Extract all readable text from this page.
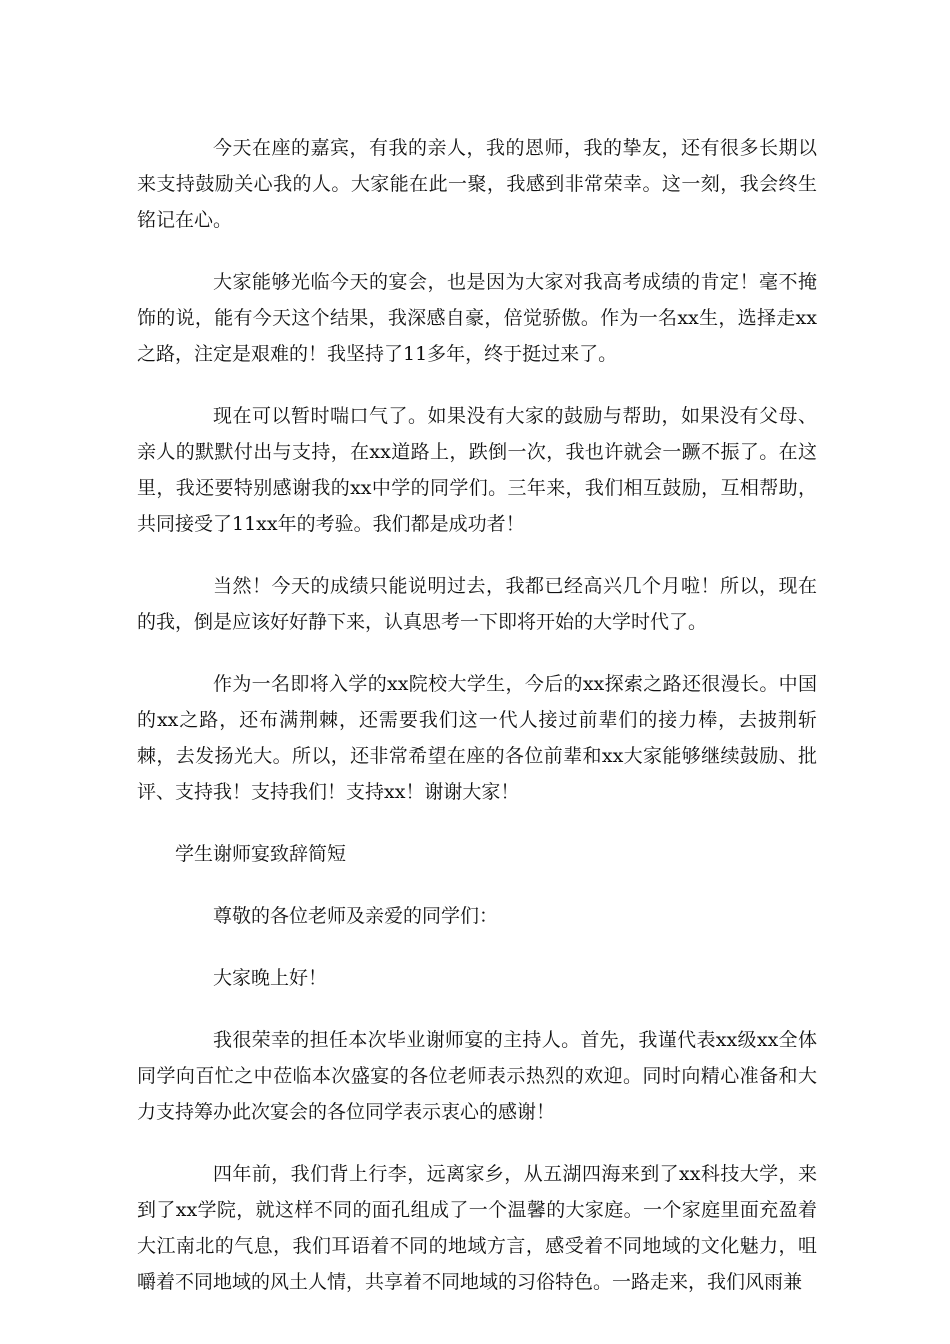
今天在座的嘉宾，有我的亲人，我的恩师，我的挚友，还有很多长期以来支持鼓励关心我的人。大家能在此一聚，我感到非常荣幸。这一刻，我会终生铭记在心。

大家能够光临今天的宴会，也是因为大家对我高考成绩的肯定！毫不掩饰的说，能有今天这个结果，我深感自豪，倍觉骄傲。作为一名xx生，选择走xx之路，注定是艰难的！我坚持了11多年，终于挺过来了。

现在可以暂时喘口气了。如果没有大家的鼓励与帮助，如果没有父母、亲人的默默付出与支持，在xx道路上，跌倒一次，我也许就会一蹶不振了。在这里，我还要特别感谢我的xx中学的同学们。三年来，我们相互鼓励，互相帮助，共同接受了11xx年的考验。我们都是成功者！

当然！今天的成绩只能说明过去，我都已经高兴几个月啦！所以，现在的我，倒是应该好好静下来，认真思考一下即将开始的大学时代了。

作为一名即将入学的xx院校大学生，今后的xx探索之路还很漫长。中国的xx之路，还布满荆棘，还需要我们这一代人接过前辈们的接力棒，去披荆斩棘，去发扬光大。所以，还非常希望在座的各位前辈和xx大家能够继续鼓励、批评、支持我！支持我们！支持xx！谢谢大家！

学生谢师宴致辞简短

尊敬的各位老师及亲爱的同学们：

大家晚上好！

我很荣幸的担任本次毕业谢师宴的主持人。首先，我谨代表xx级xx全体同学向百忙之中莅临本次盛宴的各位老师表示热烈的欢迎。同时向精心准备和大力支持筹办此次宴会的各位同学表示衷心的感谢！

四年前，我们背上行李，远离家乡，从五湖四海来到了xx科技大学，来到了xx学院，就这样不同的面孔组成了一个温馨的大家庭。一个家庭里面充盈着大江南北的气息，我们耳语着不同的地域方言，感受着不同地域的文化魅力，咀嚼着不同地域的风土人情，共享着不同地域的习俗特色。一路走来，我们风雨兼
